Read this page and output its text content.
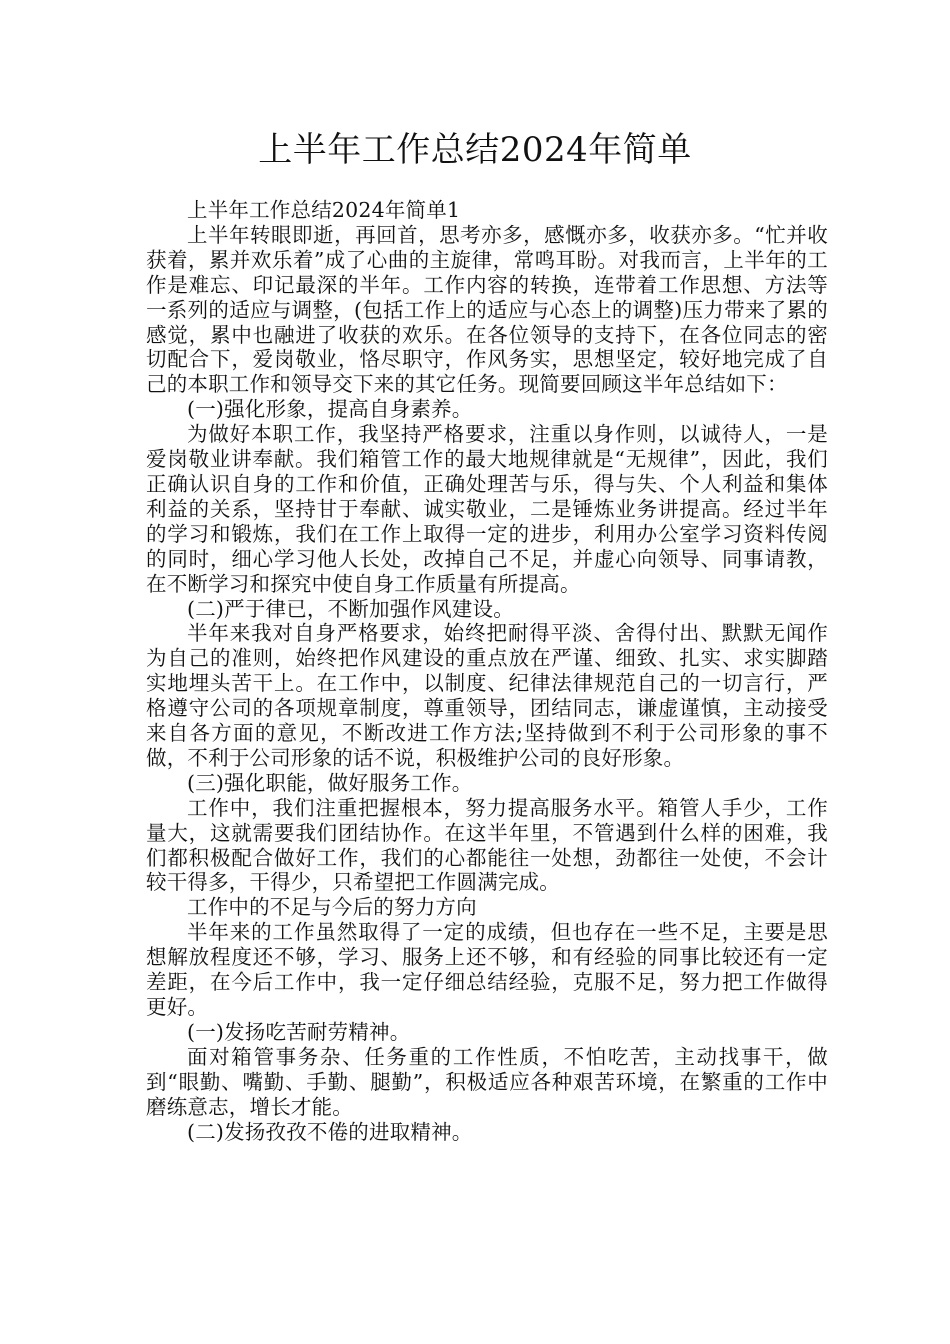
上半年工作总结2024年简单

上半年工作总结2024年简单1

上半年转眼即逝，再回首，思考亦多，感慨亦多，收获亦多。“忙并收获着，累并欢乐着”成了心曲的主旋律，常鸣耳盼。对我而言，上半年的工作是难忘、印记最深的半年。工作内容的转换，连带着工作思想、方法等一系列的适应与调整，(包括工作上的适应与心态上的调整)压力带来了累的感觉，累中也融进了收获的欢乐。在各位领导的支持下，在各位同志的密切配合下，爱岗敬业，恪尽职守，作风务实，思想坚定，较好地完成了自己的本职工作和领导交下来的其它任务。现简要回顾这半年总结如下：

(一)强化形象，提高自身素养。

为做好本职工作，我坚持严格要求，注重以身作则，以诚待人，一是爱岗敬业讲奉献。我们箱管工作的最大地规律就是“无规律”，因此，我们正确认识自身的工作和价值，正确处理苦与乐，得与失、个人利益和集体利益的关系，坚持甘于奉献、诚实敬业，二是锤炼业务讲提高。经过半年的学习和锻炼，我们在工作上取得一定的进步，利用办公室学习资料传阅的同时，细心学习他人长处，改掉自己不足，并虚心向领导、同事请教，在不断学习和探究中使自身工作质量有所提高。

(二)严于律已，不断加强作风建设。

半年来我对自身严格要求，始终把耐得平淡、舍得付出、默默无闻作为自己的准则，始终把作风建设的重点放在严谨、细致、扎实、求实脚踏实地埋头苦干上。在工作中，以制度、纪律法律规范自己的一切言行，严格遵守公司的各项规章制度，尊重领导，团结同志，谦虚谨慎，主动接受来自各方面的意见，不断改进工作方法;坚持做到不利于公司形象的事不做，不利于公司形象的话不说，积极维护公司的良好形象。

(三)强化职能，做好服务工作。

工作中，我们注重把握根本，努力提高服务水平。箱管人手少，工作量大，这就需要我们团结协作。在这半年里，不管遇到什么样的困难，我们都积极配合做好工作，我们的心都能往一处想，劲都往一处使，不会计较干得多，干得少，只希望把工作圆满完成。

工作中的不足与今后的努力方向

半年来的工作虽然取得了一定的成绩，但也存在一些不足，主要是思想解放程度还不够，学习、服务上还不够，和有经验的同事比较还有一定差距，在今后工作中，我一定仔细总结经验，克服不足，努力把工作做得更好。

(一)发扬吃苦耐劳精神。

面对箱管事务杂、任务重的工作性质，不怕吃苦，主动找事干，做到“眼勤、嘴勤、手勤、腿勤”，积极适应各种艰苦环境，在繁重的工作中磨练意志，增长才能。

(二)发扬孜孜不倦的进取精神。
